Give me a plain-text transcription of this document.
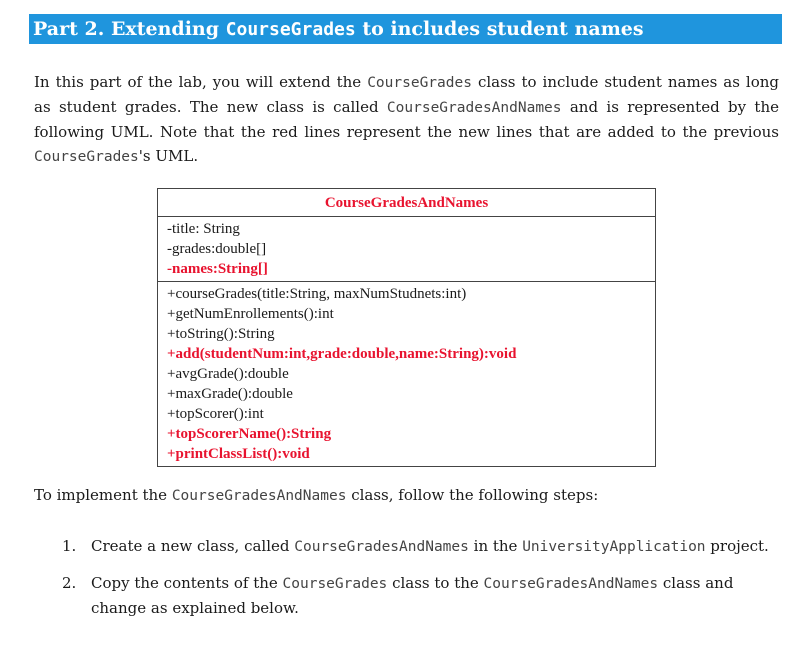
Part 2. Extending CourseGrades to includes student names

In this part of the lab, you will extend the CourseGrades class to include student names as long as student grades. The new class is called CourseGradesAndNames and is represented by the following UML. Note that the red lines represent the new lines that are added to the previous CourseGrades's UML.

CourseGradesAndNames
-title: String
-grades:double[]
-names:String[]
+courseGrades(title:String, maxNumStudnets:int)
+getNumEnrollements():int
+toString():String
+add(studentNum:int,grade:double,name:String):void
+avgGrade():double
+maxGrade():double
+topScorer():int
+topScorerName():String
+printClassList():void

To implement the CourseGradesAndNames class, follow the following steps:

1. Create a new class, called CourseGradesAndNames in the UniversityApplication project.
2. Copy the contents of the CourseGrades class to the CourseGradesAndNames class and change as explained below.
